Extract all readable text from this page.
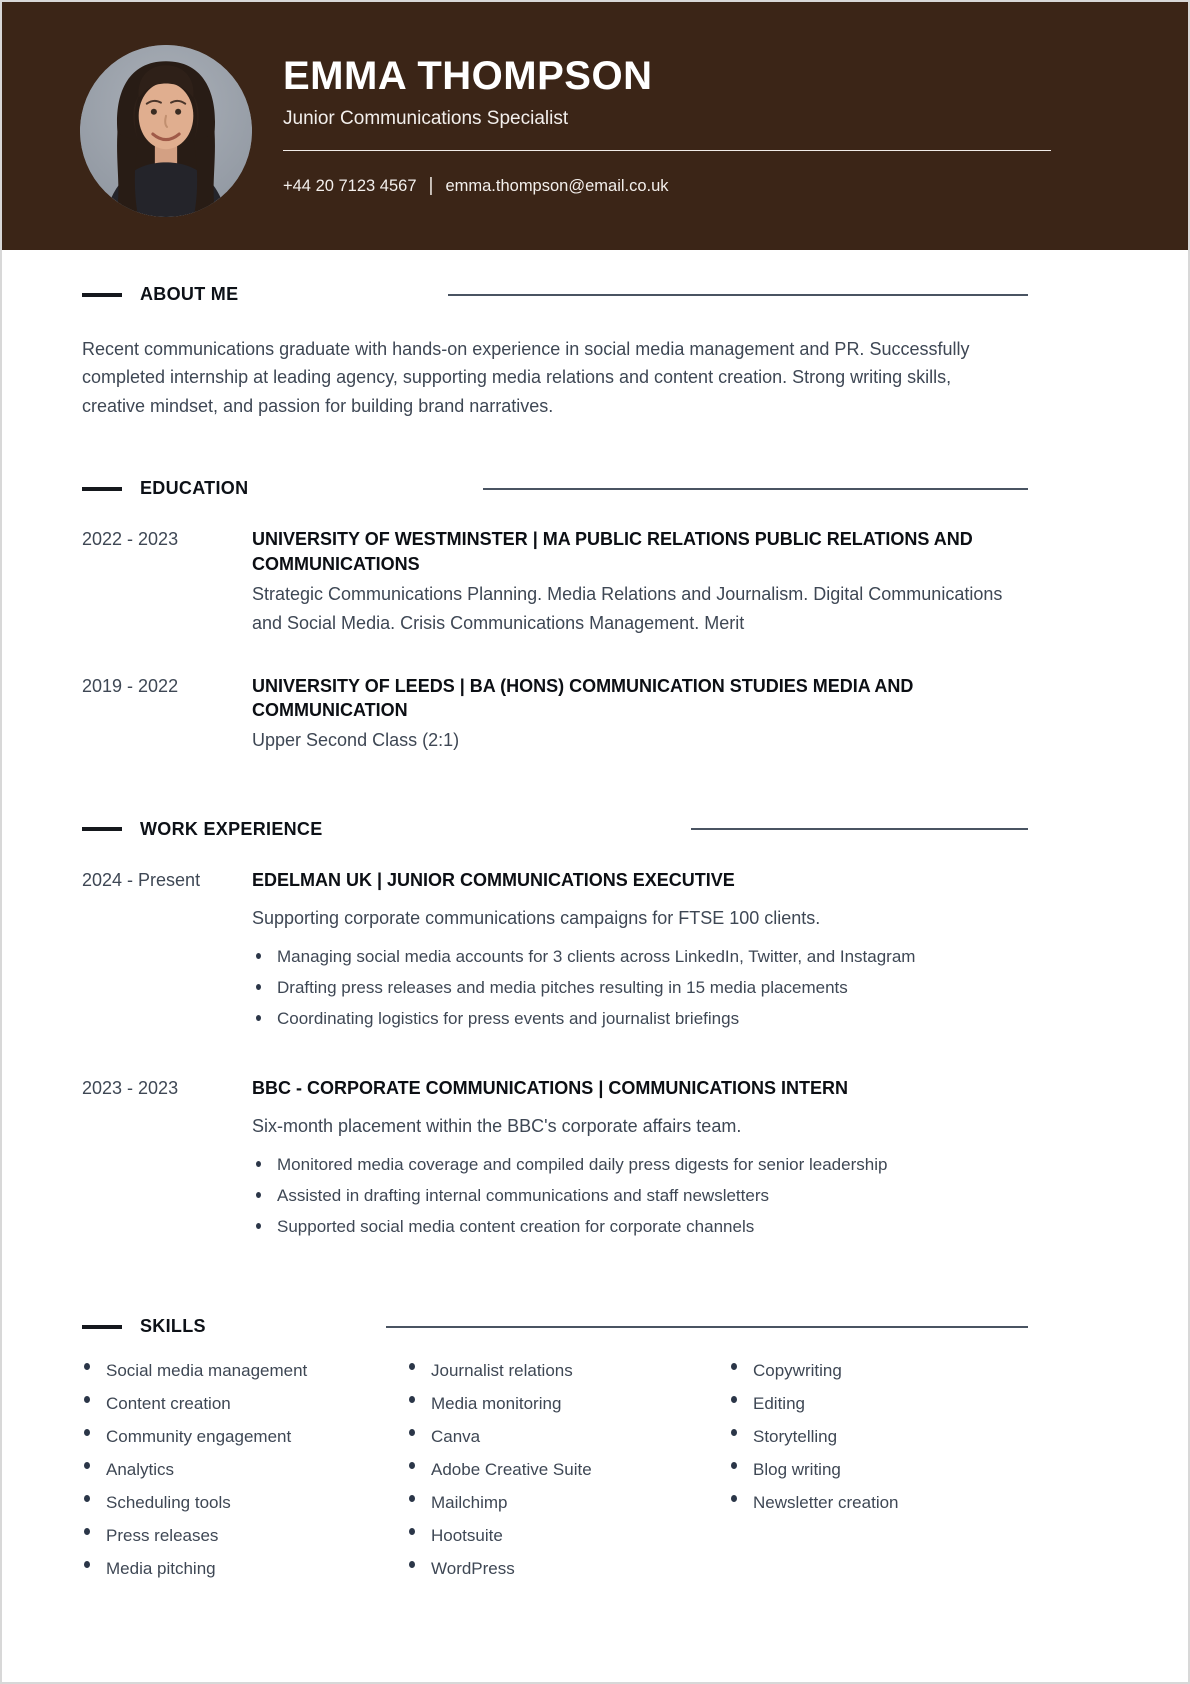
EMMA THOMPSON
Junior Communications Specialist
+44 20 7123 4567 | emma.thompson@email.co.uk
ABOUT ME

Recent communications graduate with hands-on experience in social media management and PR. Successfully completed internship at leading agency, supporting media relations and content creation. Strong writing skills, creative mindset, and passion for building brand narratives.

EDUCATION
2022 - 2023	UNIVERSITY OF WESTMINSTER | MA PUBLIC RELATIONS PUBLIC RELATIONS AND COMMUNICATIONS
Strategic Communications Planning. Media Relations and Journalism. Digital Communications and Social Media. Crisis Communications Management. Merit
2019 - 2022	UNIVERSITY OF LEEDS | BA (HONS) COMMUNICATION STUDIES MEDIA AND COMMUNICATION
Upper Second Class (2:1)
WORK EXPERIENCE
2024 - Present	EDELMAN UK | JUNIOR COMMUNICATIONS EXECUTIVE
Supporting corporate communications campaigns for FTSE 100 clients.
Managing social media accounts for 3 clients across LinkedIn, Twitter, and Instagram
Drafting press releases and media pitches resulting in 15 media placements
Coordinating logistics for press events and journalist briefings
2023 - 2023	BBC - CORPORATE COMMUNICATIONS | COMMUNICATIONS INTERN
Six-month placement within the BBC's corporate affairs team.
Monitored media coverage and compiled daily press digests for senior leadership
Assisted in drafting internal communications and staff newsletters
Supported social media content creation for corporate channels
SKILLS
Social media management
Content creation
Community engagement
Analytics
Scheduling tools
Press releases
Media pitching
Journalist relations
Media monitoring
Canva
Adobe Creative Suite
Mailchimp
Hootsuite
WordPress
Copywriting
Editing
Storytelling
Blog writing
Newsletter creation
